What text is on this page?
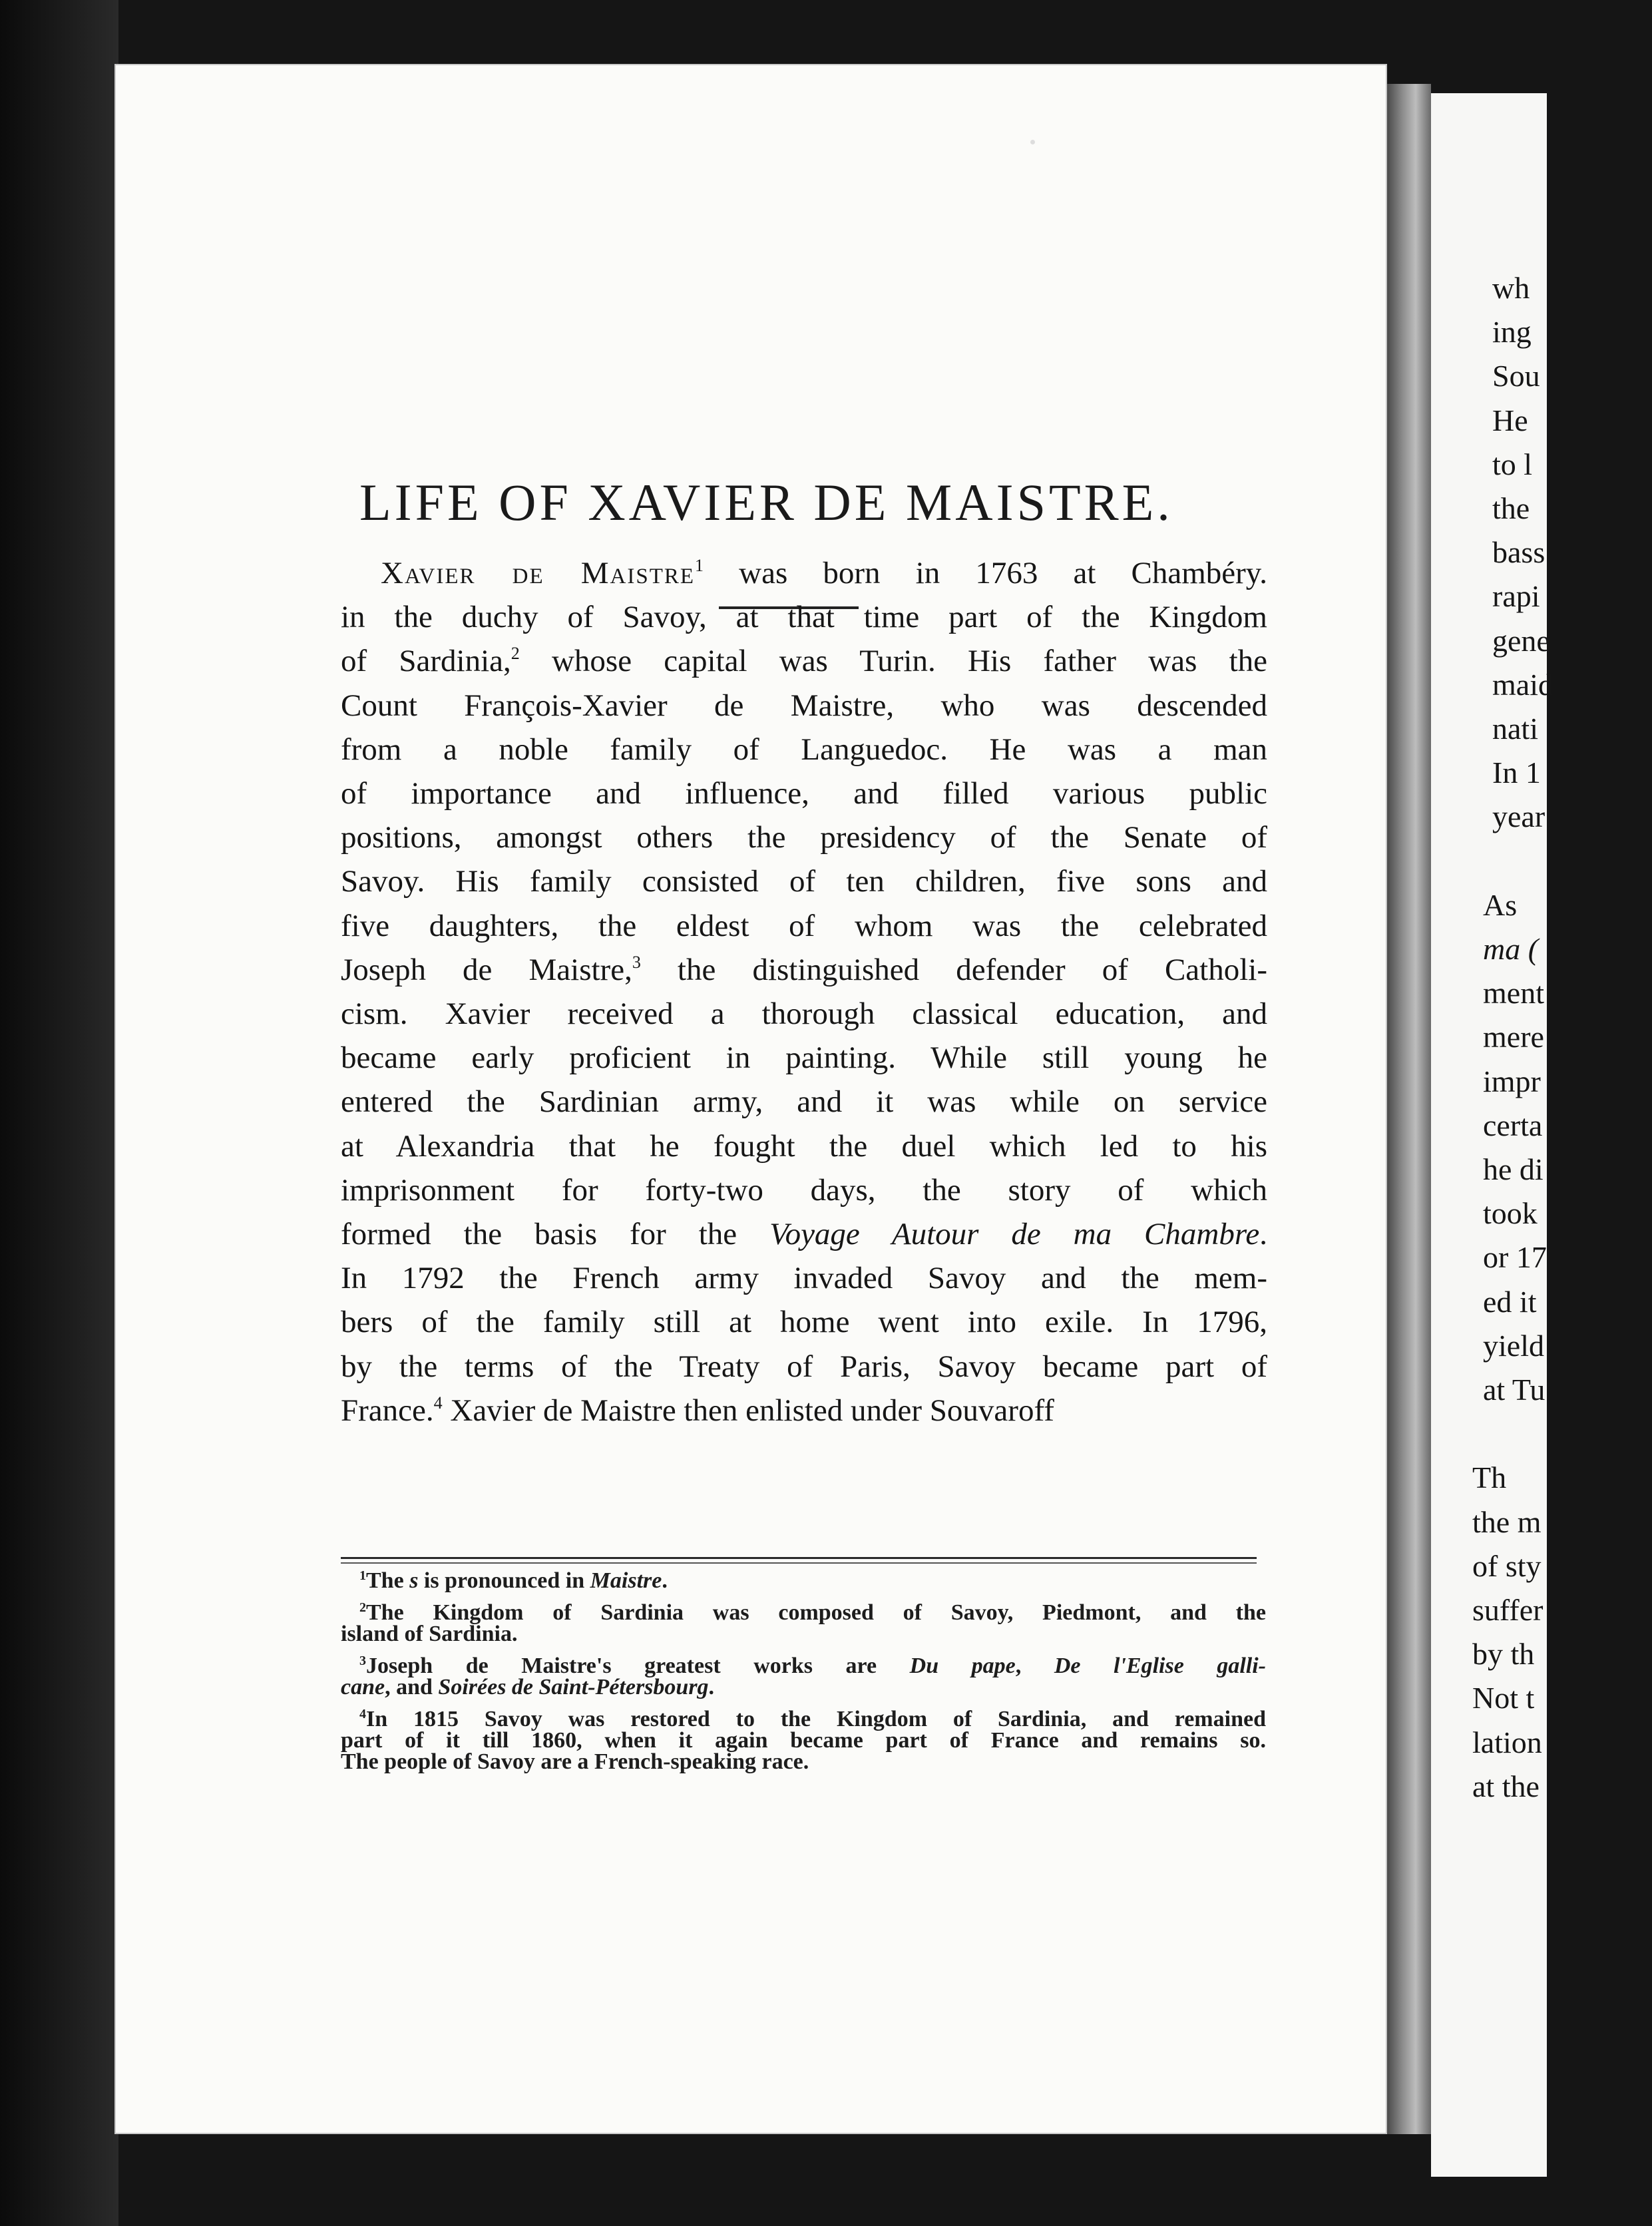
wh
ing
Sou
He
to l
the
bass
rapi
gene
maid
nati
In 1
year
As
ma (
ment
mere
impr
certa
he di
took
or 17
ed it
yield
at Tu
Th
the m
of sty
suffer
by th
Not t
lation
at the
LIFE OF XAVIER DE MAISTRE.
Xavier de Maistre$^1$ was born in 1763 at Chambéry.
in the duchy of Savoy, at that time part of the Kingdom
of Sardinia,$^2$ whose capital was Turin. His father was the
Count François-Xavier de Maistre, who was descended
from a noble family of Languedoc. He was a man
of importance and influence, and filled various public
positions, amongst others the presidency of the Senate of
Savoy. His family consisted of ten children, five sons and
five daughters, the eldest of whom was the celebrated
Joseph de Maistre,$^3$ the distinguished defender of Catholi-
cism. Xavier received a thorough classical education, and
became early proficient in painting. While still young he
entered the Sardinian army, and it was while on service
at Alexandria that he fought the duel which led to his
imprisonment for forty-two days, the story of which
formed the basis for the Voyage Autour de ma Chambre.
In 1792 the French army invaded Savoy and the mem-
bers of the family still at home went into exile. In 1796,
by the terms of the Treaty of Paris, Savoy became part of
France.$^4$ Xavier de Maistre then enlisted under Souvaroff
$^1$The s is pronounced in Maistre.
$^2$The Kingdom of Sardinia was composed of Savoy, Piedmont, and the
island of Sardinia.
$^3$Joseph de Maistre's greatest works are Du pape, De l'Eglise galli-
cane, and Soirées de Saint-Pétersbourg.
$^4$In 1815 Savoy was restored to the Kingdom of Sardinia, and remained
part of it till 1860, when it again became part of France and remains so.
The people of Savoy are a French-speaking race.
